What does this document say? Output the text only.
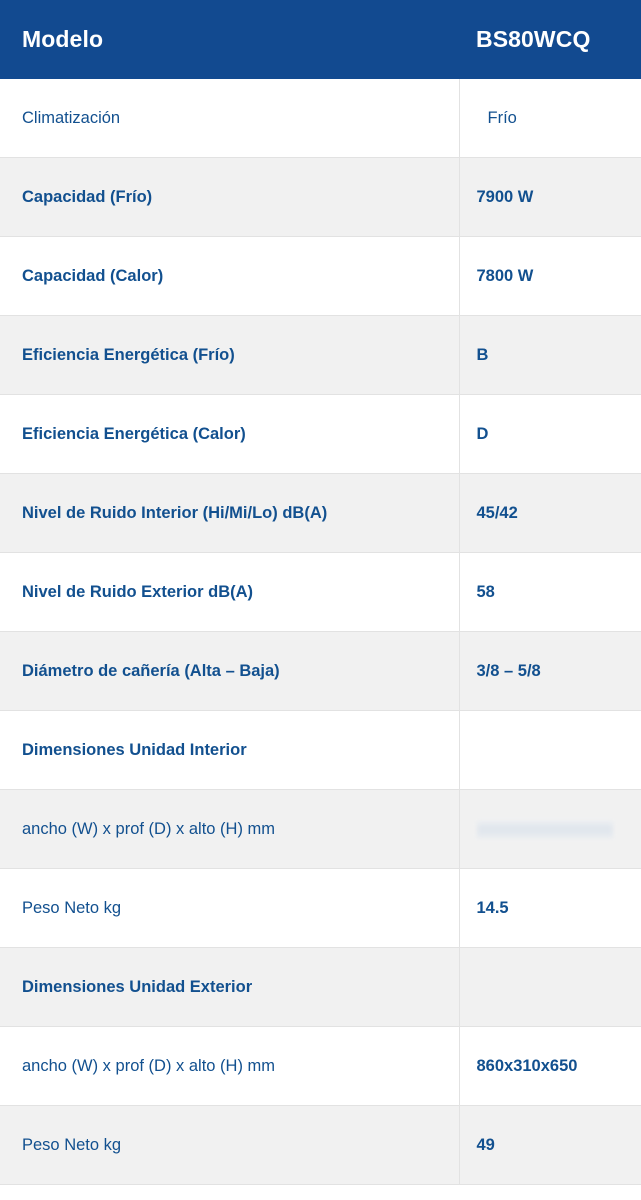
Modelo	BS80WCQ
Climatización	Frío
Capacidad (Frío)	7900 W
Capacidad (Calor)	7800 W
Eficiencia Energética (Frío)	B
Eficiencia Energética (Calor)	D
Nivel de Ruido Interior (Hi/Mi/Lo) dB(A)	45/42
Nivel de Ruido Exterior dB(A)	58
Diámetro de cañería (Alta – Baja)	3/8 – 5/8
Dimensiones Unidad Interior	
ancho (W) x prof (D) x alto (H) mm	
Peso Neto kg	14.5
Dimensiones Unidad Exterior	
ancho (W) x prof (D) x alto (H) mm	860x310x650
Peso Neto kg	49
